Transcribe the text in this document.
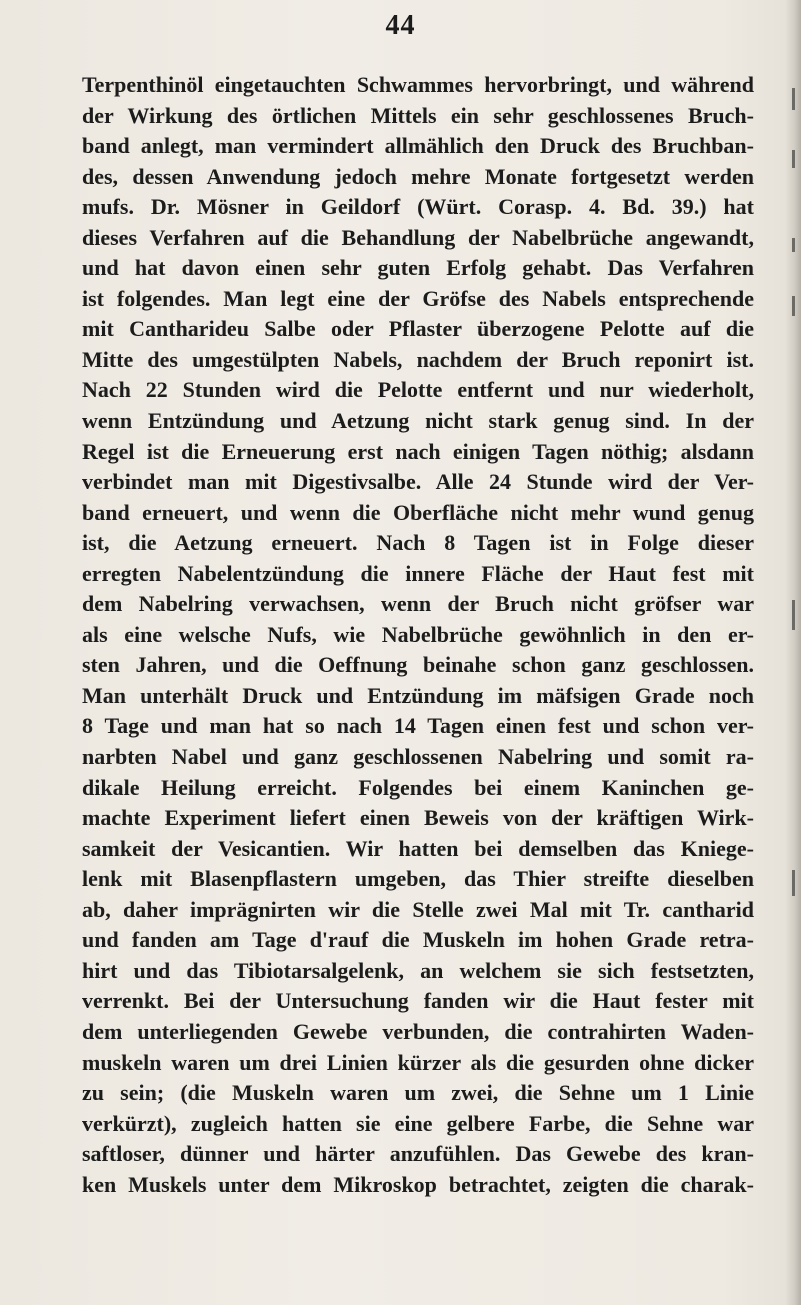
44
Terpenthinöl eingetauchten Schwammes hervorbringt, und während
der Wirkung des örtlichen Mittels ein sehr geschlossenes Bruch-
band anlegt, man vermindert allmählich den Druck des Bruchban-
des, dessen Anwendung jedoch mehre Monate fortgesetzt werden
mufs. Dr. Mösner in Geildorf (Würt. Corasp. 4. Bd. 39.) hat
dieses Verfahren auf die Behandlung der Nabelbrüche angewandt,
und hat davon einen sehr guten Erfolg gehabt. Das Verfahren
ist folgendes. Man legt eine der Gröfse des Nabels entsprechende
mit Cantharideu Salbe oder Pflaster überzogene Pelotte auf die
Mitte des umgestülpten Nabels, nachdem der Bruch reponirt ist.
Nach 22 Stunden wird die Pelotte entfernt und nur wiederholt,
wenn Entzündung und Aetzung nicht stark genug sind. In der
Regel ist die Erneuerung erst nach einigen Tagen nöthig; alsdann
verbindet man mit Digestivsalbe. Alle 24 Stunde wird der Ver-
band erneuert, und wenn die Oberfläche nicht mehr wund genug
ist, die Aetzung erneuert. Nach 8 Tagen ist in Folge dieser
erregten Nabelentzündung die innere Fläche der Haut fest mit
dem Nabelring verwachsen, wenn der Bruch nicht gröfser war
als eine welsche Nufs, wie Nabelbrüche gewöhnlich in den er-
sten Jahren, und die Oeffnung beinahe schon ganz geschlossen.
Man unterhält Druck und Entzündung im mäfsigen Grade noch
8 Tage und man hat so nach 14 Tagen einen fest und schon ver-
narbten Nabel und ganz geschlossenen Nabelring und somit ra-
dikale Heilung erreicht. Folgendes bei einem Kaninchen ge-
machte Experiment liefert einen Beweis von der kräftigen Wirk-
samkeit der Vesicantien. Wir hatten bei demselben das Kniege-
lenk mit Blasenpflastern umgeben, das Thier streifte dieselben
ab, daher imprägnirten wir die Stelle zwei Mal mit Tr. cantharid
und fanden am Tage d'rauf die Muskeln im hohen Grade retra-
hirt und das Tibiotarsalgelenk, an welchem sie sich festsetzten,
verrenkt. Bei der Untersuchung fanden wir die Haut fester mit
dem unterliegenden Gewebe verbunden, die contrahirten Waden-
muskeln waren um drei Linien kürzer als die gesurden ohne dicker
zu sein; (die Muskeln waren um zwei, die Sehne um 1 Linie
verkürzt), zugleich hatten sie eine gelbere Farbe, die Sehne war
saftloser, dünner und härter anzufühlen. Das Gewebe des kran-
ken Muskels unter dem Mikroskop betrachtet, zeigten die charak-
